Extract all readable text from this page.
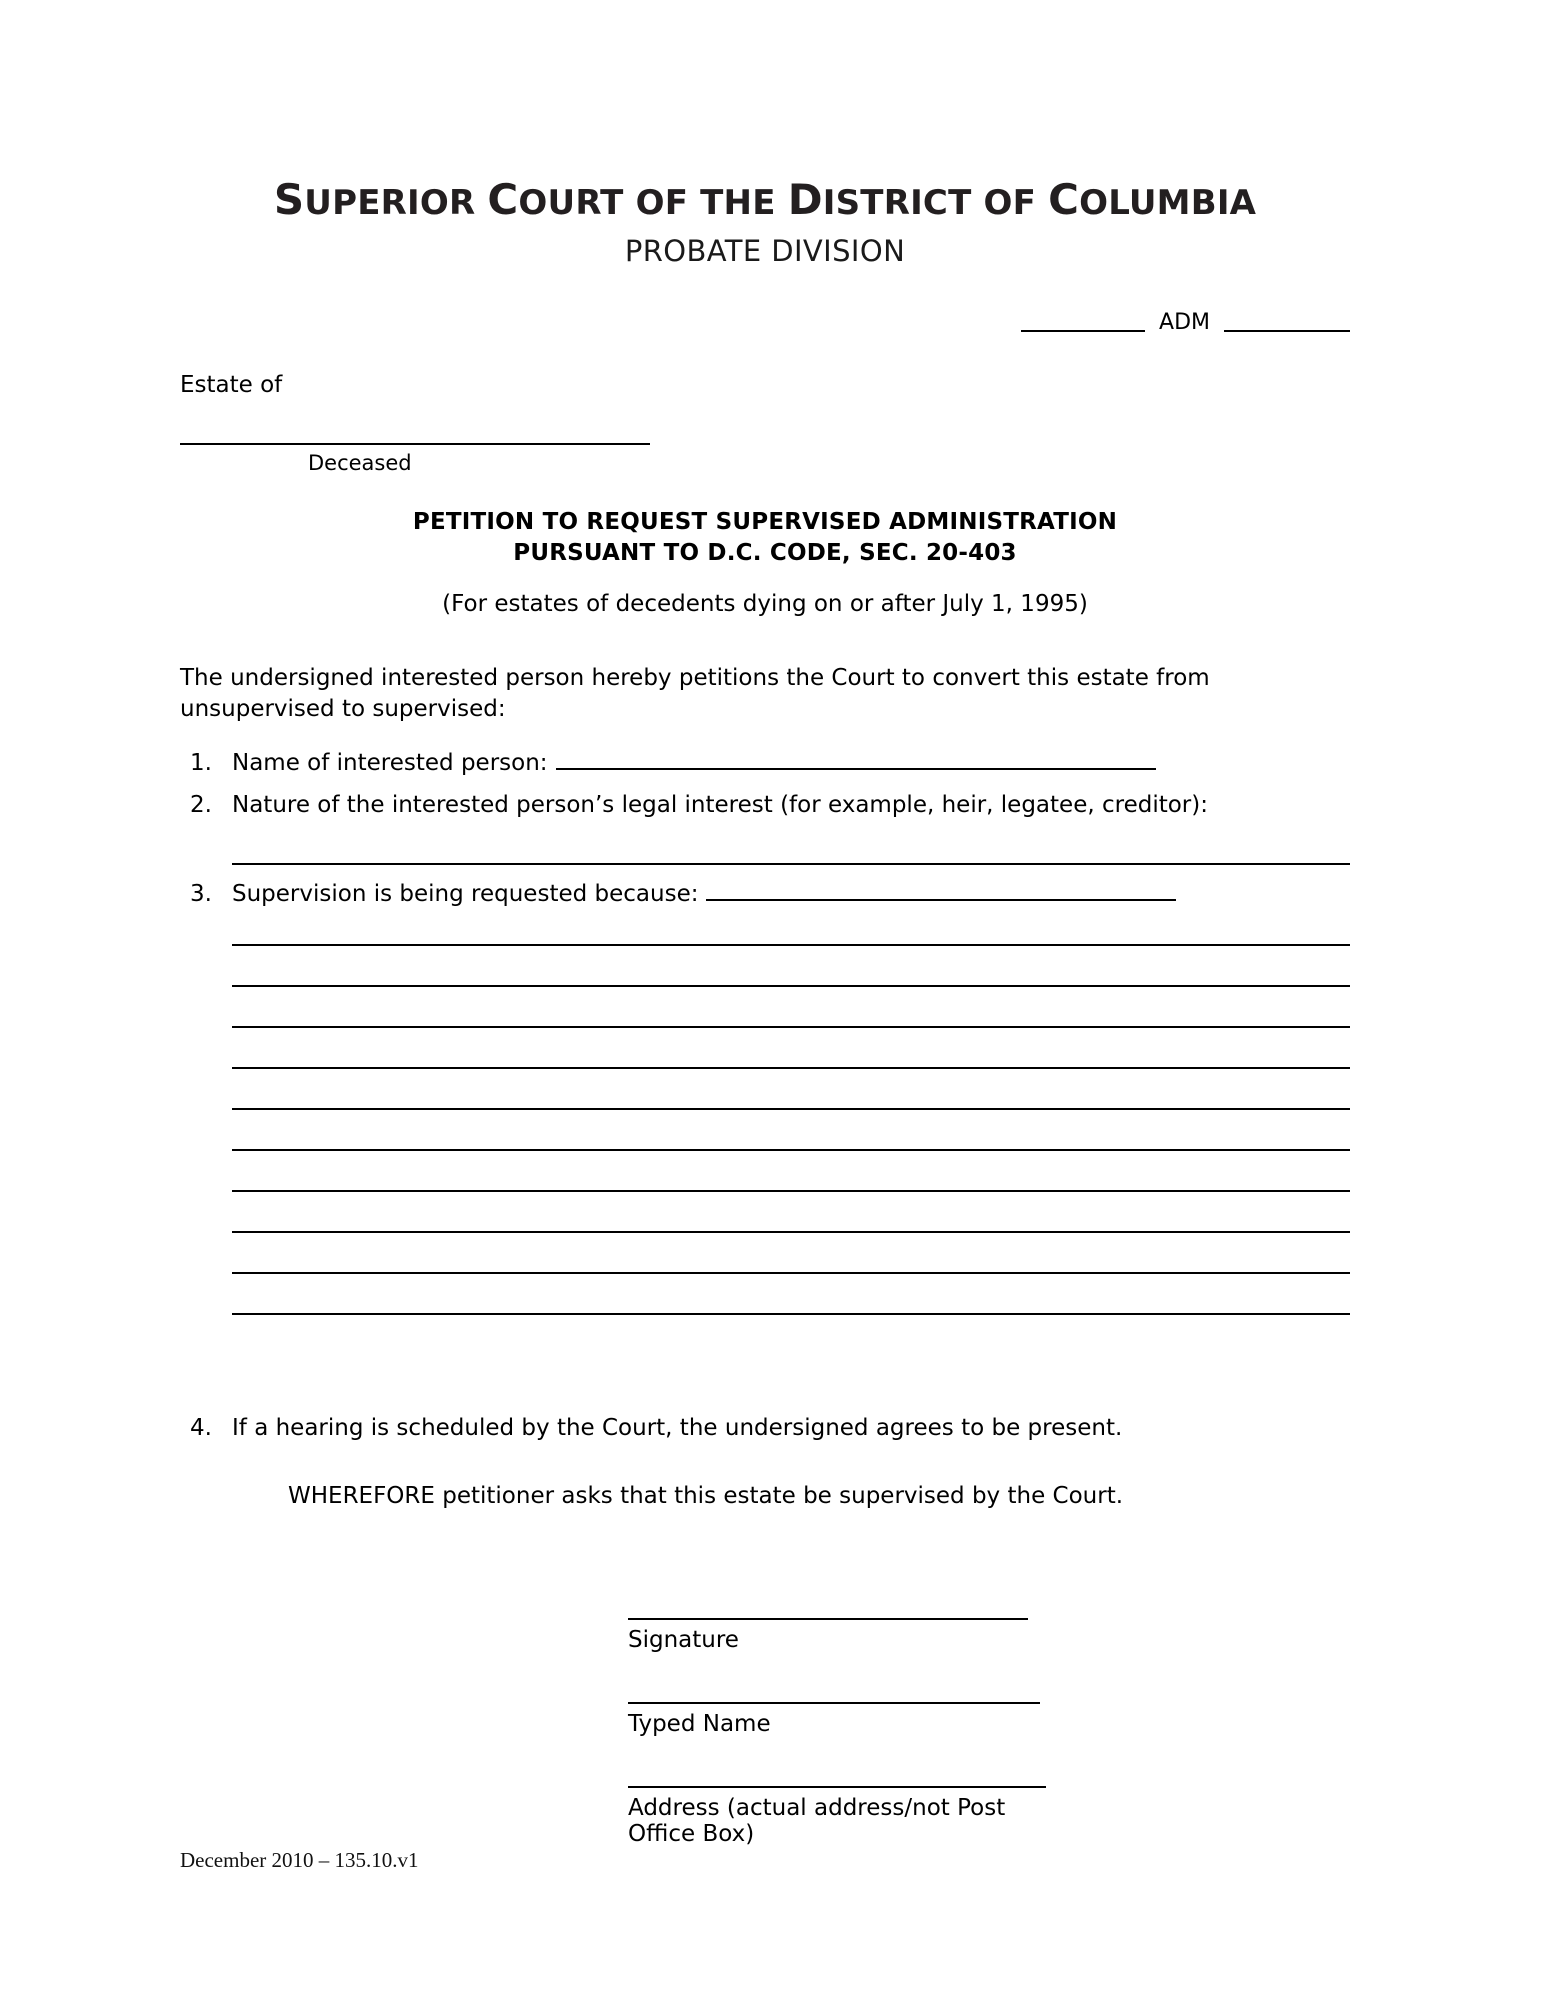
SUPERIOR COURT OF THE DISTRICT OF COLUMBIA
PROBATE DIVISION
ADM
Estate of
Deceased
PETITION TO REQUEST SUPERVISED ADMINISTRATION
PURSUANT TO D.C. CODE, SEC. 20-403
(For estates of decedents dying on or after July 1, 1995)
The undersigned interested person hereby petitions the Court to convert this estate from unsupervised to supervised:
1. Name of interested person:
2. Nature of the interested person’s legal interest (for example, heir, legatee, creditor):
3. Supervision is being requested because:
4. If a hearing is scheduled by the Court, the undersigned agrees to be present.
WHEREFORE petitioner asks that this estate be supervised by the Court.
Signature
Typed Name
Address (actual address/not Post Office Box)
December 2010 – 135.10.v1
